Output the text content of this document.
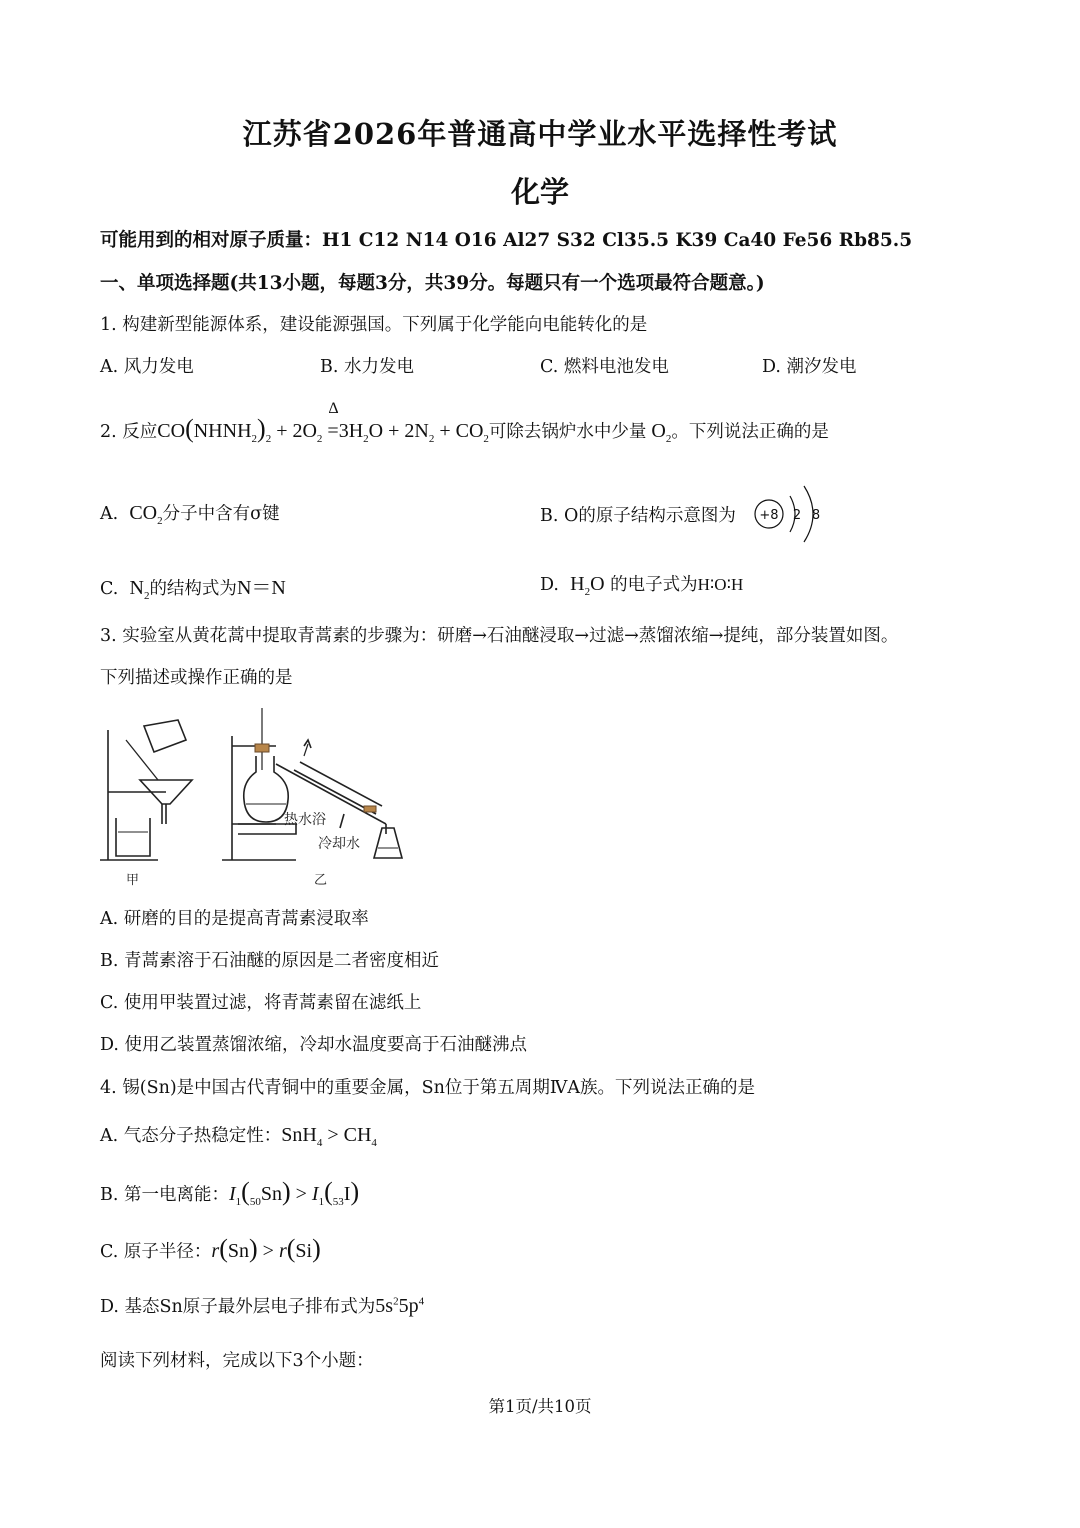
江苏省2026年普通高中学业水平选择性考试
化学
可能用到的相对原子质量：H1 C12 N14 O16 Al27 S32 Cl35.5 K39 Ca40 Fe56 Rb85.5
一、单项选择题(共13小题，每题3分，共39分。每题只有一个选项最符合题意。)
1. 构建新型能源体系，建设能源强国。下列属于化学能向电能转化的是
A. 风力发电	B. 水力发电	C. 燃料电池发电	D. 潮汐发电
2. 反应$CO(NHNH_2)_2 + 2O_2$
Δ
$=3H_2O + 2N_2 + CO_2$可除去锅炉水中少量 $O_2$。下列说法正确的是
A. $CO_2$分子中含有σ键	B. O的原子结构示意图为 +8 2 8
C. $N_2$的结构式为N＝N	D. $H_2O$ 的电子式为H∶O∶H
3. 实验室从黄花蒿中提取青蒿素的步骤为：研磨→石油醚浸取→过滤→蒸馏浓缩→提纯，部分装置如图。
下列描述或操作正确的是
甲
热水浴
冷却水
乙
A. 研磨的目的是提高青蒿素浸取率
B. 青蒿素溶于石油醚的原因是二者密度相近
C. 使用甲装置过滤，将青蒿素留在滤纸上
D. 使用乙装置蒸馏浓缩，冷却水温度要高于石油醚沸点
4. 锡(Sn)是中国古代青铜中的重要金属，Sn位于第五周期ⅣA族。下列说法正确的是
A. 气态分子热稳定性：$SnH_4 > CH_4$
B. 第一电离能：$I_1(_{50}Sn) > I_1(_{53}I)$
C. 原子半径：r(Sn) > r(Si)
D. 基态Sn原子最外层电子排布式为$5s^25p^4$
阅读下列材料，完成以下3个小题：
第1页/共10页
